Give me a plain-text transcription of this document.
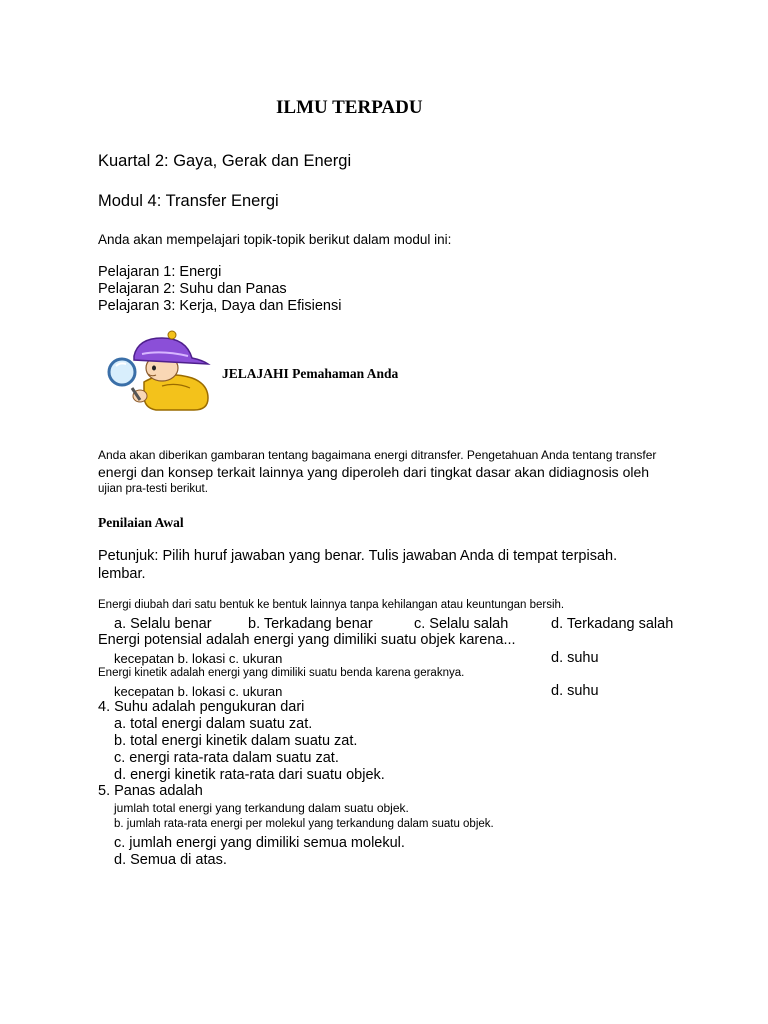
ILMU TERPADU
Kuartal 2: Gaya, Gerak dan Energi
Modul 4: Transfer Energi
Anda akan mempelajari topik-topik berikut dalam modul ini:
Pelajaran 1: Energi
Pelajaran 2: Suhu dan Panas
Pelajaran 3: Kerja, Daya dan Efisiensi
JELAJAHI Pemahaman Anda
Anda akan diberikan gambaran tentang bagaimana energi ditransfer. Pengetahuan Anda tentang transfer
energi dan konsep terkait lainnya yang diperoleh dari tingkat dasar akan didiagnosis oleh
ujian pra-testi berikut.
Penilaian Awal
Petunjuk: Pilih huruf jawaban yang benar. Tulis jawaban Anda di tempat terpisah.
lembar.
Energi diubah dari satu bentuk ke bentuk lainnya tanpa kehilangan atau keuntungan bersih.
a. Selalu benar	b. Terkadang benar	c. Selalu salah	d. Terkadang salah
Energi potensial adalah energi yang dimiliki suatu objek karena...
kecepatan b. lokasi c. ukuran	d. suhu
Energi kinetik adalah energi yang dimiliki suatu benda karena geraknya.
kecepatan b. lokasi c. ukuran	d. suhu
4. Suhu adalah pengukuran dari
a. total energi dalam suatu zat.
b. total energi kinetik dalam suatu zat.
c. energi rata-rata dalam suatu zat.
d. energi kinetik rata-rata dari suatu objek.
5. Panas adalah
jumlah total energi yang terkandung dalam suatu objek.
b. jumlah rata-rata energi per molekul yang terkandung dalam suatu objek.
c. jumlah energi yang dimiliki semua molekul.
d. Semua di atas.
